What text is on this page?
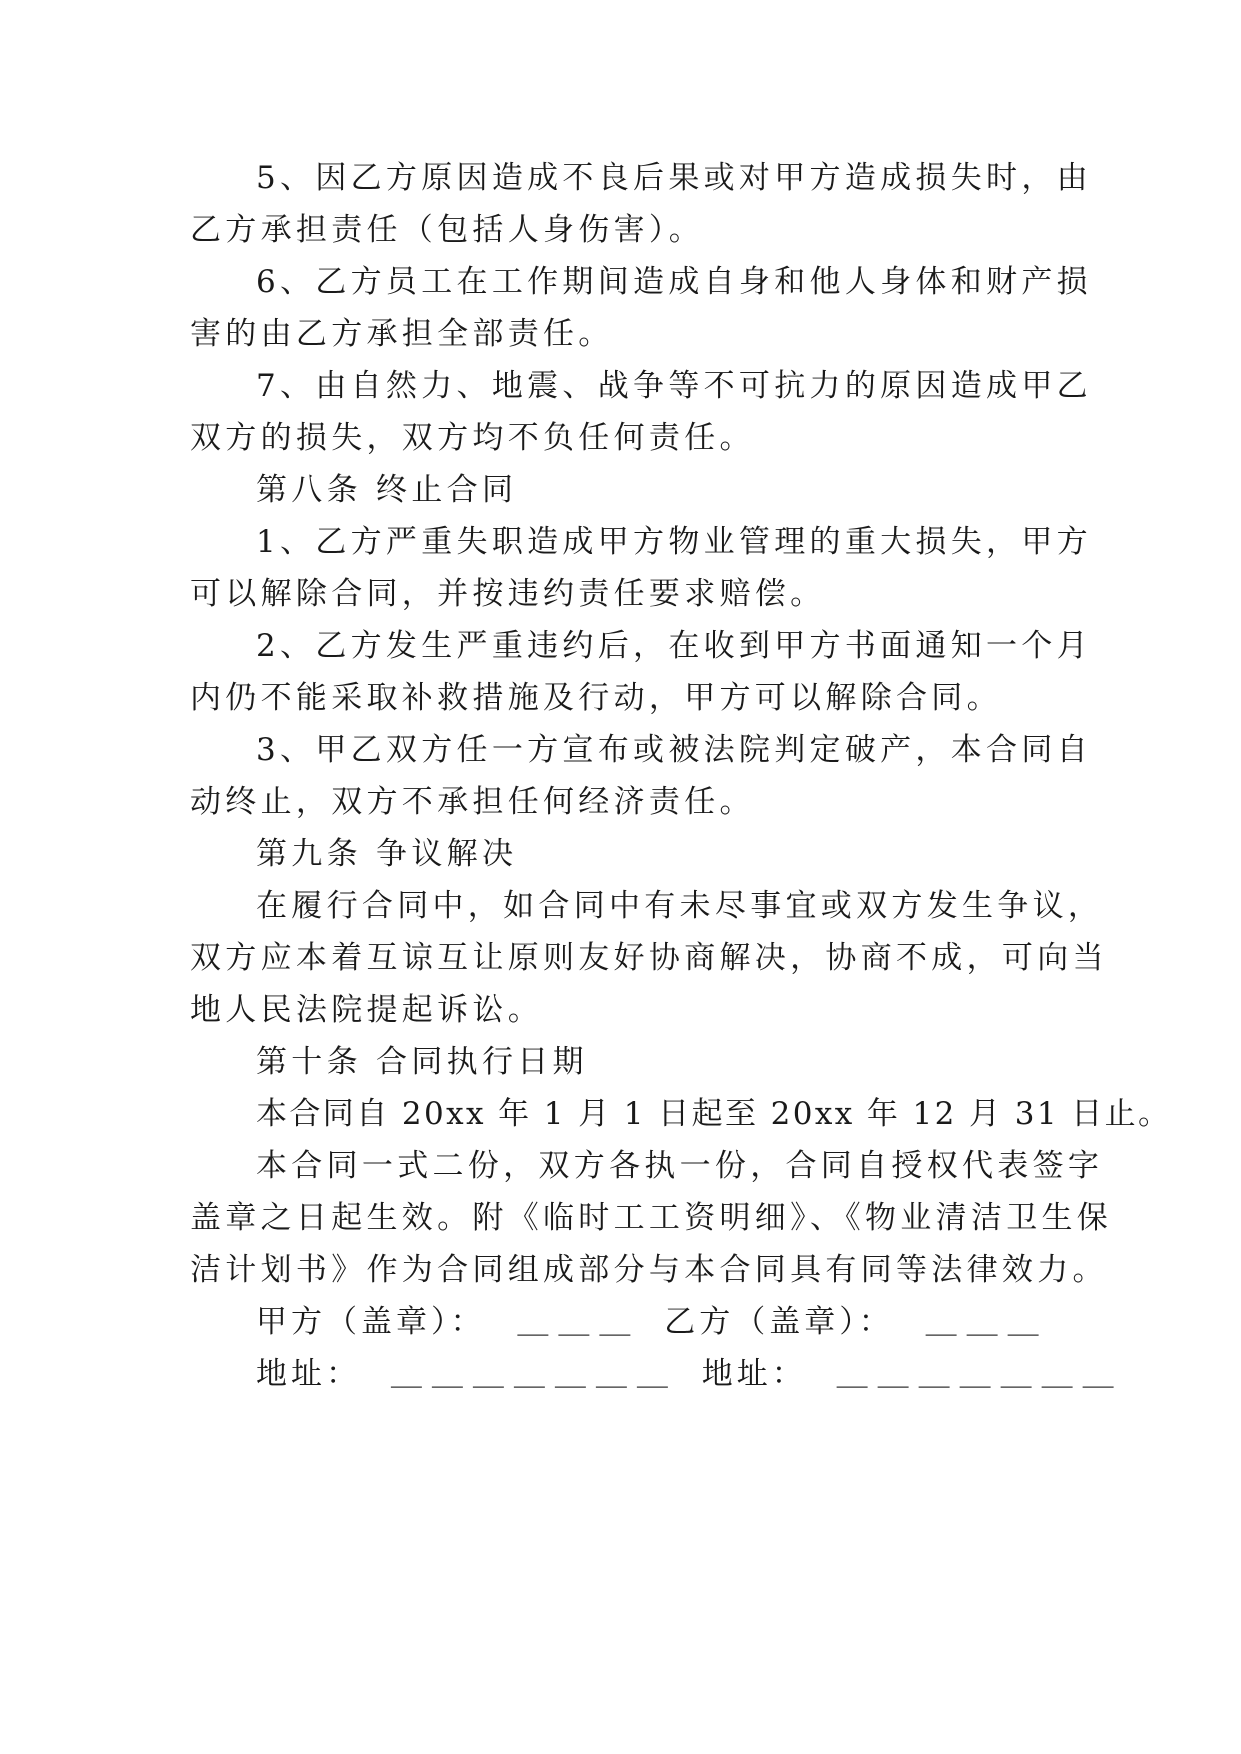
5、因乙方原因造成不良后果或对甲方造成损失时，由
乙方承担责任（包括人身伤害）。
6、乙方员工在工作期间造成自身和他人身体和财产损
害的由乙方承担全部责任。
7、由自然力、地震、战争等不可抗力的原因造成甲乙
双方的损失，双方均不负任何责任。
第八条 终止合同
1、乙方严重失职造成甲方物业管理的重大损失，甲方
可以解除合同，并按违约责任要求赔偿。
2、乙方发生严重违约后，在收到甲方书面通知一个月
内仍不能采取补救措施及行动，甲方可以解除合同。
3、甲乙双方任一方宣布或被法院判定破产，本合同自
动终止，双方不承担任何经济责任。
第九条 争议解决
在履行合同中，如合同中有未尽事宜或双方发生争议，
双方应本着互谅互让原则友好协商解决，协商不成，可向当
地人民法院提起诉讼。
第十条 合同执行日期
本合同自 20xx 年 1 月 1 日起至 20xx 年 12 月 31 日止。
本合同一式二份，双方各执一份，合同自授权代表签字
盖章之日起生效。附《临时工工资明细》、《物业清洁卫生保
洁计划书》作为合同组成部分与本合同具有同等法律效力。
甲方（盖章）： ＿＿＿ 乙方（盖章）： ＿＿＿
地址： ＿＿＿＿＿＿＿ 地址： ＿＿＿＿＿＿＿
